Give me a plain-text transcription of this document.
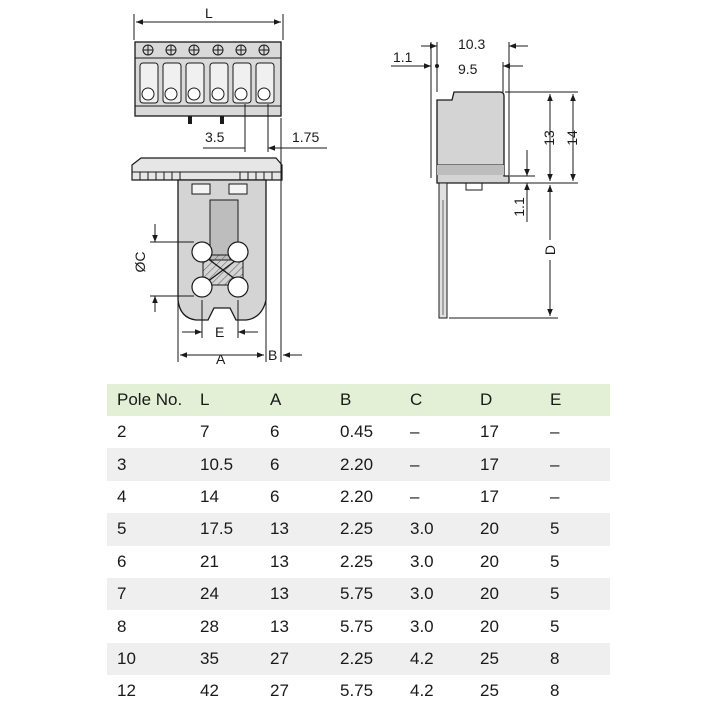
L
3.5	1.75
ØC
E
A	B
10.3
9.5
1.1
13 14
1.1
D
Pole No.	L	A	B	C	D	E
2	7	6	0.45	–	17	–
3	10.5	6	2.20	–	17	–
4	14	6	2.20	–	17	–
5	17.5	13	2.25	3.0	20	5
6	21	13	2.25	3.0	20	5
7	24	13	5.75	3.0	20	5
8	28	13	5.75	3.0	20	5
10	35	27	2.25	4.2	25	8
12	42	27	5.75	4.2	25	8
